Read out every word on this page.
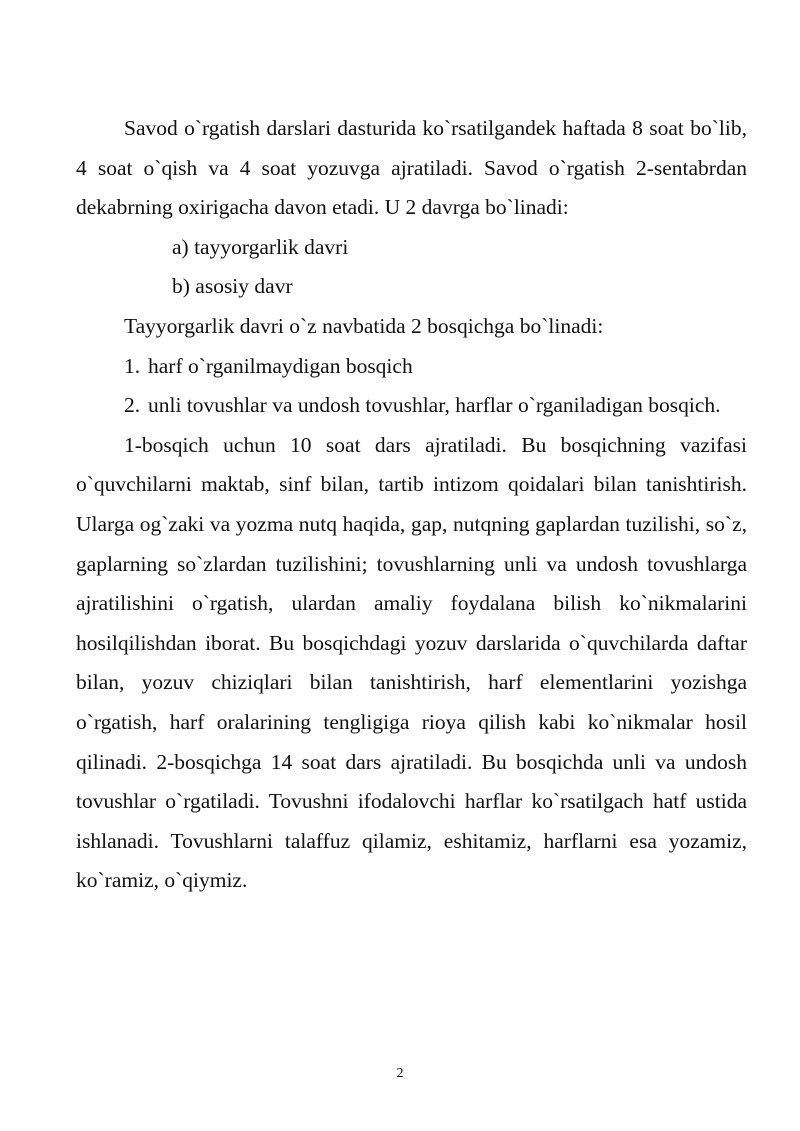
Savod o`rgatish darslari dasturida ko`rsatilgandek haftada 8 soat bo`lib, 4 soat o`qish va 4 soat yozuvga ajratiladi. Savod o`rgatish 2-sentabrdan dekabrning oxirigacha davon etadi. U 2 davrga bo`linadi:

a) tayyorgarlik davri

b) asosiy davr

Tayyorgarlik davri o`z navbatida 2 bosqichga bo`linadi:

1. harf o`rganilmaydigan bosqich
2. unli tovushlar va undosh tovushlar, harflar o`rganiladigan bosqich.

1-bosqich uchun 10 soat dars ajratiladi. Bu bosqichning vazifasi o`quvchilarni maktab, sinf bilan, tartib intizom qoidalari bilan tanishtirish. Ularga og`zaki va yozma nutq haqida, gap, nutqning gaplardan tuzilishi, so`z, gaplarning so`zlardan tuzilishini; tovushlarning unli va undosh tovushlarga ajratilishini o`rgatish, ulardan amaliy foydalana bilish ko`nikmalarini hosilqilishdan iborat. Bu bosqichdagi yozuv darslarida o`quvchilarda daftar bilan, yozuv chiziqlari bilan tanishtirish, harf elementlarini yozishga o`rgatish, harf oralarining tengligiga rioya qilish kabi ko`nikmalar hosil qilinadi. 2-bosqichga 14 soat dars ajratiladi. Bu bosqichda unli va undosh tovushlar o`rgatiladi. Tovushni ifodalovchi harflar ko`rsatilgach hatf ustida ishlanadi. Tovushlarni talaffuz qilamiz, eshitamiz, harflarni esa yozamiz, ko`ramiz, o`qiymiz.

2
